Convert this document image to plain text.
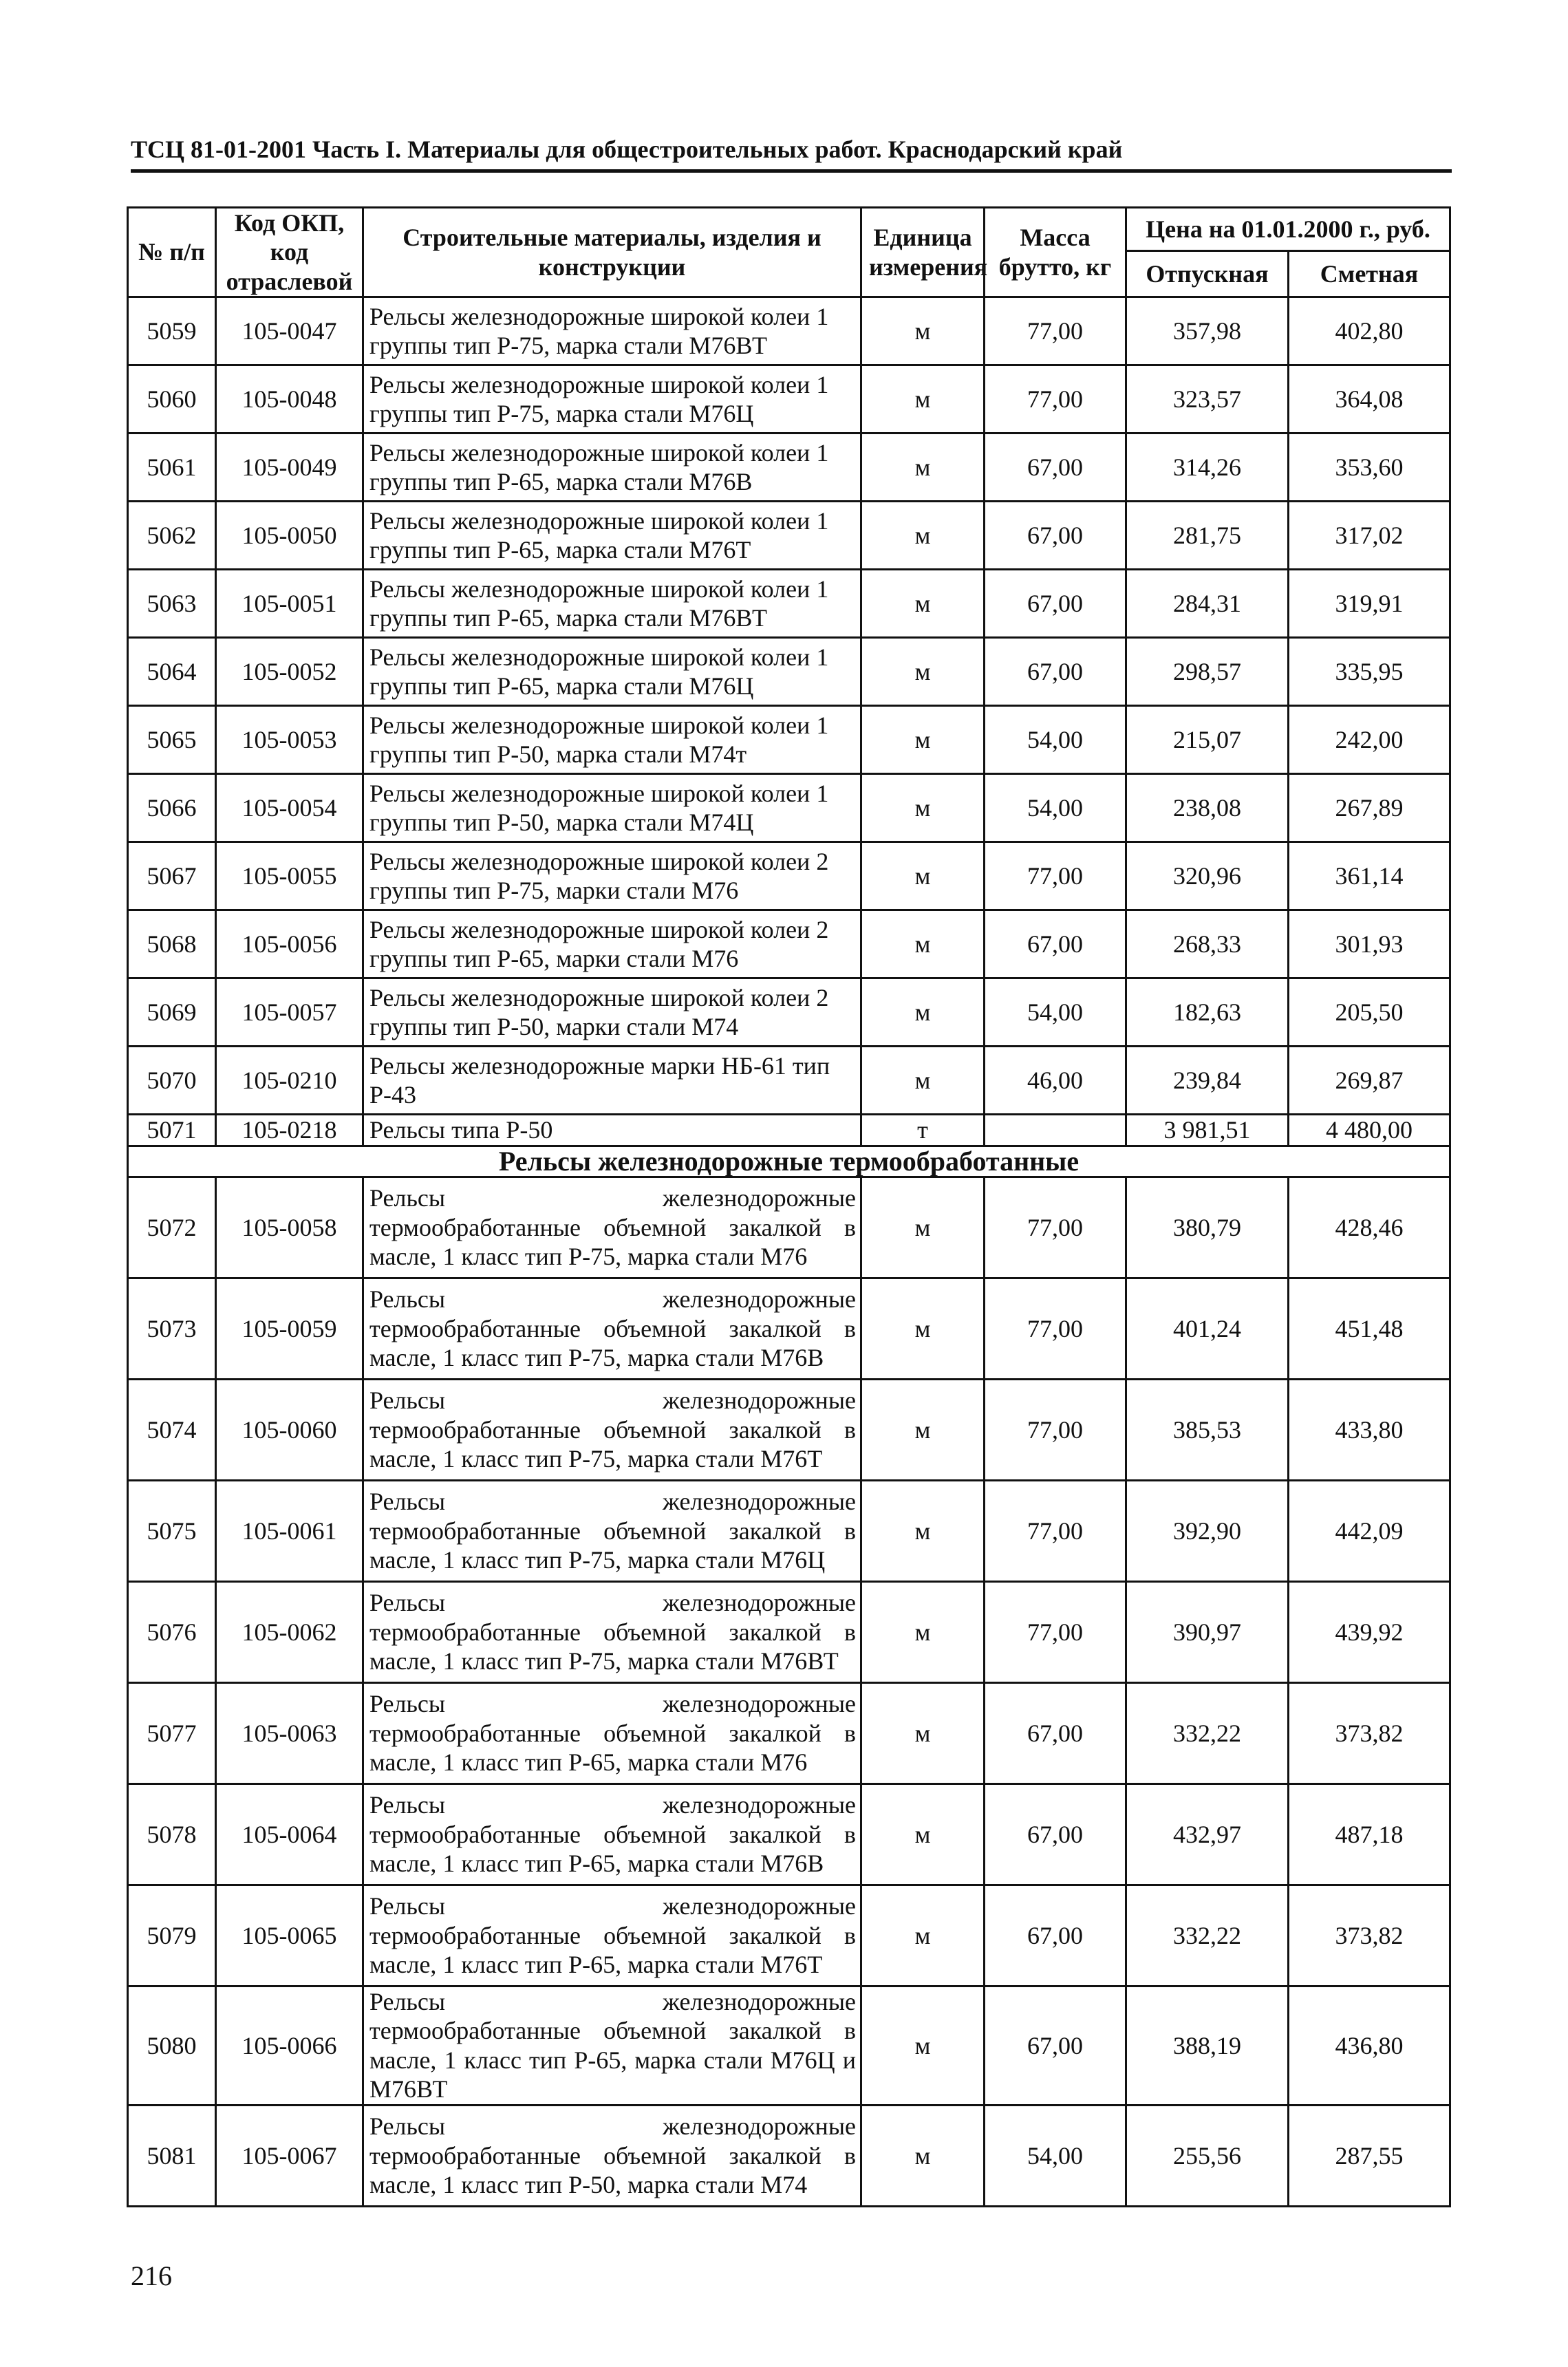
ТСЦ 81-01-2001 Часть I. Материалы для общестроительных работ. Краснодарский край
№ п/п	Код ОКП, код отраслевой	Строительные материалы, изделия и конструкции	Единица измерения	Масса брутто, кг	Цена на 01.01.2000 г., руб.	
					Отпускная	Сметная
5059	105-0047	Рельсы железнодорожные широкой колеи 1 группы тип Р-75, марка стали М76ВТ	м	77,00	357,98	402,80
5060	105-0048	Рельсы железнодорожные широкой колеи 1 группы тип Р-75, марка стали М76Ц	м	77,00	323,57	364,08
5061	105-0049	Рельсы железнодорожные широкой колеи 1 группы тип Р-65, марка стали М76В	м	67,00	314,26	353,60
5062	105-0050	Рельсы железнодорожные широкой колеи 1 группы тип Р-65, марка стали М76Т	м	67,00	281,75	317,02
5063	105-0051	Рельсы железнодорожные широкой колеи 1 группы тип Р-65, марка стали М76ВТ	м	67,00	284,31	319,91
5064	105-0052	Рельсы железнодорожные широкой колеи 1 группы тип Р-65, марка стали М76Ц	м	67,00	298,57	335,95
5065	105-0053	Рельсы железнодорожные широкой колеи 1 группы тип Р-50, марка стали М74т	м	54,00	215,07	242,00
5066	105-0054	Рельсы железнодорожные широкой колеи 1 группы тип Р-50, марка стали М74Ц	м	54,00	238,08	267,89
5067	105-0055	Рельсы железнодорожные широкой колеи 2 группы тип Р-75, марки стали М76	м	77,00	320,96	361,14
5068	105-0056	Рельсы железнодорожные широкой колеи 2 группы тип Р-65, марки стали М76	м	67,00	268,33	301,93
5069	105-0057	Рельсы железнодорожные широкой колеи 2 группы тип Р-50, марки стали М74	м	54,00	182,63	205,50
5070	105-0210	Рельсы железнодорожные марки НБ-61 тип Р-43	м	46,00	239,84	269,87
5071	105-0218	Рельсы типа Р-50	т		3 981,51	4 480,00
Рельсы железнодорожные термообработанные						
5072	105-0058	Рельсы железнодорожные термообработанные объемной закалкой в масле, 1 класс тип Р-75, марка стали М76	м	77,00	380,79	428,46
5073	105-0059	Рельсы железнодорожные термообработанные объемной закалкой в масле, 1 класс тип Р-75, марка стали М76В	м	77,00	401,24	451,48
5074	105-0060	Рельсы железнодорожные термообработанные объемной закалкой в масле, 1 класс тип Р-75, марка стали М76Т	м	77,00	385,53	433,80
5075	105-0061	Рельсы железнодорожные термообработанные объемной закалкой в масле, 1 класс тип Р-75, марка стали М76Ц	м	77,00	392,90	442,09
5076	105-0062	Рельсы железнодорожные термообработанные объемной закалкой в масле, 1 класс тип Р-75, марка стали М76ВТ	м	77,00	390,97	439,92
5077	105-0063	Рельсы железнодорожные термообработанные объемной закалкой в масле, 1 класс тип Р-65, марка стали М76	м	67,00	332,22	373,82
5078	105-0064	Рельсы железнодорожные термообработанные объемной закалкой в масле, 1 класс тип Р-65, марка стали М76В	м	67,00	432,97	487,18
5079	105-0065	Рельсы железнодорожные термообработанные объемной закалкой в масле, 1 класс тип Р-65, марка стали М76Т	м	67,00	332,22	373,82
5080	105-0066	Рельсы железнодорожные термообработанные объемной закалкой в масле, 1 класс тип Р-65, марка стали М76Ц и М76ВТ	м	67,00	388,19	436,80
5081	105-0067	Рельсы железнодорожные термообработанные объемной закалкой в масле, 1 класс тип Р-50, марка стали М74	м	54,00	255,56	287,55
216
